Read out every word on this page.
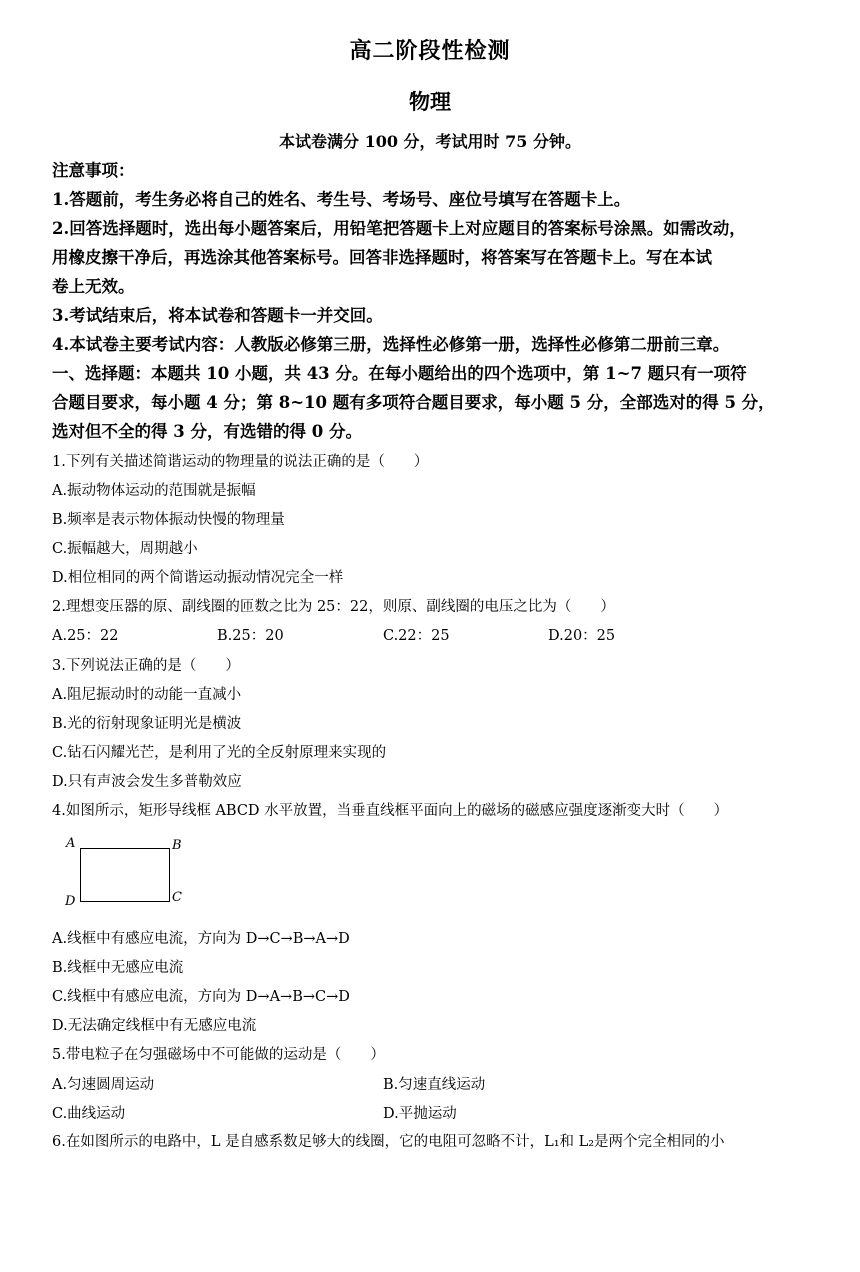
高二阶段性检测
物理
本试卷满分 100 分，考试用时 75 分钟。
注意事项：
1.答题前，考生务必将自己的姓名、考生号、考场号、座位号填写在答题卡上。
2.回答选择题时，选出每小题答案后，用铅笔把答题卡上对应题目的答案标号涂黑。如需改动，
用橡皮擦干净后，再选涂其他答案标号。回答非选择题时，将答案写在答题卡上。写在本试
卷上无效。
3.考试结束后，将本试卷和答题卡一并交回。
4.本试卷主要考试内容：人教版必修第三册，选择性必修第一册，选择性必修第二册前三章。
一、选择题：本题共 10 小题，共 43 分。在每小题给出的四个选项中，第 1~7 题只有一项符
合题目要求，每小题 4 分；第 8~10 题有多项符合题目要求，每小题 5 分，全部选对的得 5 分，
选对但不全的得 3 分，有选错的得 0 分。
1.下列有关描述简谐运动的物理量的说法正确的是（　　）
A.振动物体运动的范围就是振幅
B.频率是表示物体振动快慢的物理量
C.振幅越大，周期越小
D.相位相同的两个简谐运动振动情况完全一样
2.理想变压器的原、副线圈的匝数之比为 25：22，则原、副线圈的电压之比为（　　）
A.25：22	B.25：20	C.22：25	D.20：25
3.下列说法正确的是（　　）
A.阻尼振动时的动能一直减小
B.光的衍射现象证明光是横波
C.钻石闪耀光芒，是利用了光的全反射原理来实现的
D.只有声波会发生多普勒效应
4.如图所示，矩形导线框 ABCD 水平放置，当垂直线框平面向上的磁场的磁感应强度逐渐变大时（　　）
A	B
C
D
A.线框中有感应电流，方向为 D→C→B→A→D
B.线框中无感应电流
C.线框中有感应电流，方向为 D→A→B→C→D
D.无法确定线框中有无感应电流
5.带电粒子在匀强磁场中不可能做的运动是（　　）
A.匀速圆周运动	B.匀速直线运动
C.曲线运动	D.平抛运动
6.在如图所示的电路中，L 是自感系数足够大的线圈，它的电阻可忽略不计，L₁和 L₂是两个完全相同的小
